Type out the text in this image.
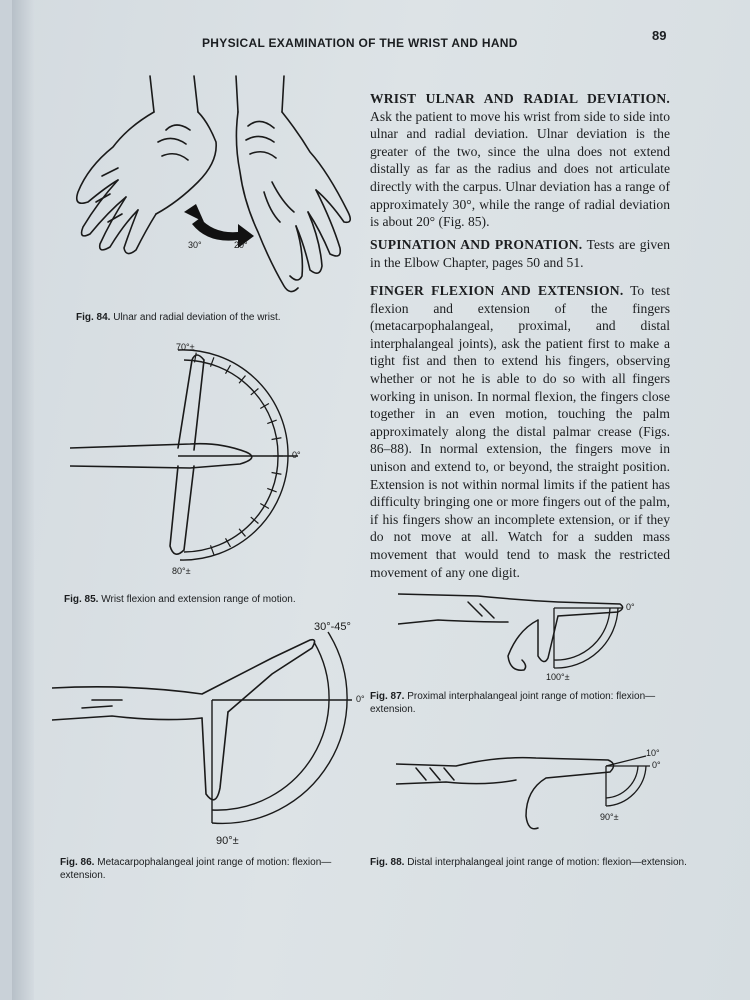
PHYSICAL EXAMINATION OF THE WRIST AND HAND	89
30°	20°
Fig. 84. Ulnar and radial deviation of the wrist.
70°±
0°
80°±
Fig. 85. Wrist flexion and extension range of motion.
30°-45°
0°
90°±
Fig. 86. Metacarpophalangeal joint range of motion: flexion—extension.
0°
100°±
Fig. 87. Proximal interphalangeal joint range of motion: flexion—extension.
10°
0°
90°±
Fig. 88. Distal interphalangeal joint range of motion: flexion—extension.

WRIST ULNAR AND RADIAL DEVIATION. Ask the patient to move his wrist from side to side into ulnar and radial deviation. Ulnar deviation is the greater of the two, since the ulna does not extend distally as far as the radius and does not articulate directly with the carpus. Ulnar deviation has a range of approximately 30°, while the range of radial deviation is about 20° (Fig. 85).

SUPINATION AND PRONATION. Tests are given in the Elbow Chapter, pages 50 and 51.

FINGER FLEXION AND EXTENSION. To test flexion and extension of the fingers (metacarpophalangeal, proximal, and distal interphalangeal joints), ask the patient first to make a tight fist and then to extend his fingers, observing whether or not he is able to do so with all fingers working in unison. In normal flexion, the fingers close together in an even motion, touching the palm approximately along the distal palmar crease (Figs. 86–88). In normal extension, the fingers move in unison and extend to, or beyond, the straight position. Extension is not within normal limits if the patient has difficulty bringing one or more fingers out of the palm, if his fingers show an incomplete extension, or if they do not move at all. Watch for a sudden mass movement that would tend to mask the restricted movement of any one digit.
